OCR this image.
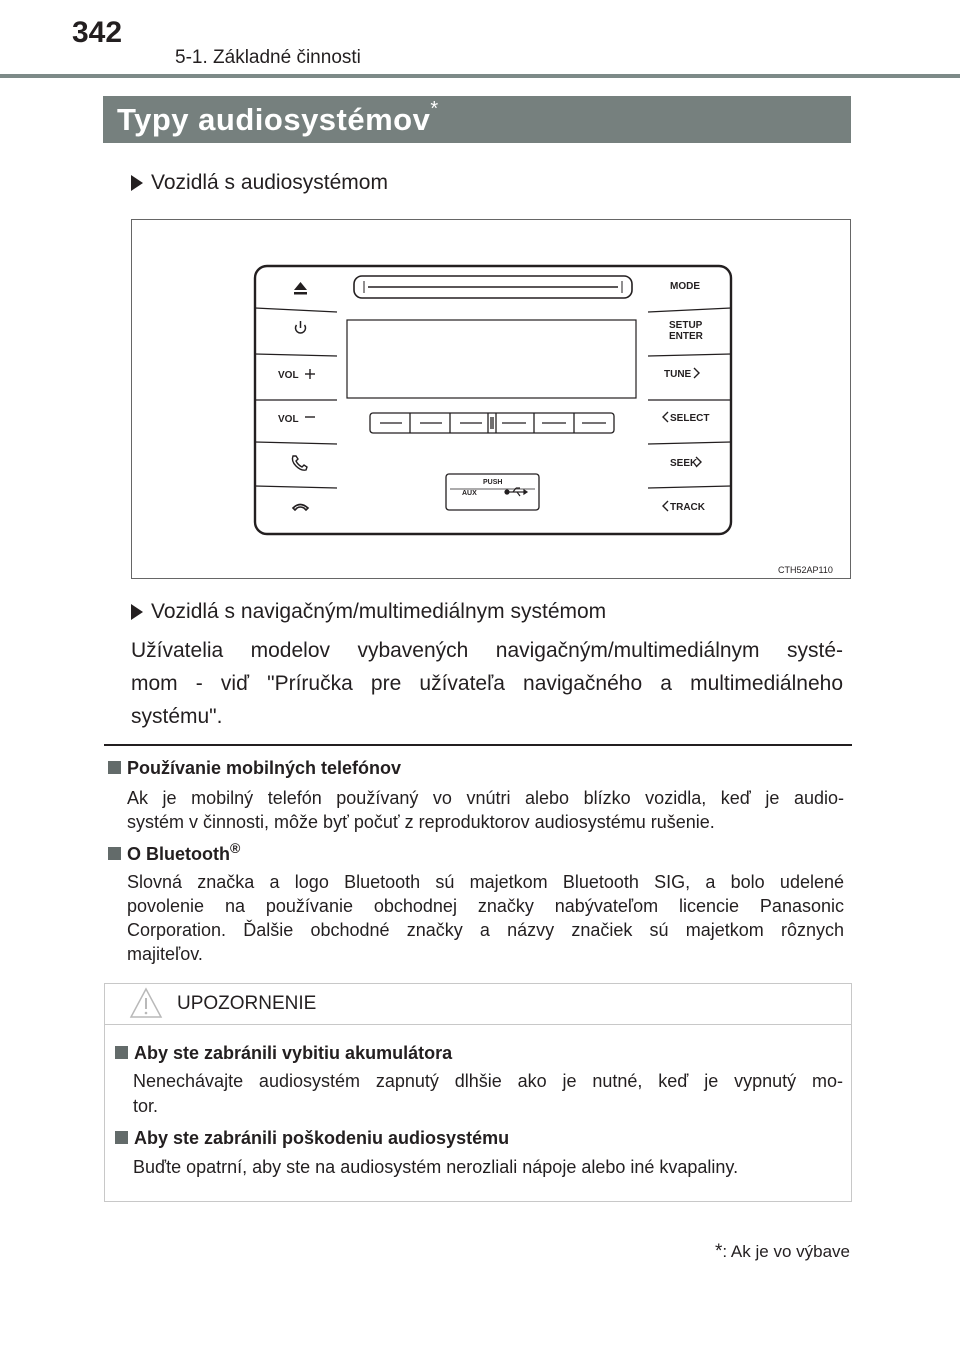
342
5-1. Základné činnosti
Typy audiosystémov*
Vozidlá s audiosystémom
VOL
VOL
MODE
SETUP
ENTER
TUNE
SELECT
SEEK
TRACK
PUSH
AUX
CTH52AP110
Vozidlá s navigačným/multimediálnym systémom
Užívatelia modelov vybavených navigačným/multimediálnym systé-
mom - viď "Príručka pre užívateľa navigačného a multimediálneho
systému".
Používanie mobilných telefónov
Ak je mobilný telefón používaný vo vnútri alebo blízko vozidla, keď je audio-
systém v činnosti, môže byť počuť z reproduktorov audiosystému rušenie.
O Bluetooth®
Slovná značka a logo Bluetooth sú majetkom Bluetooth SIG, a bolo udelené
povolenie na používanie obchodnej značky nabývateľom licencie Panasonic
Corporation. Ďalšie obchodné značky a názvy značiek sú majetkom rôznych
majiteľov.
UPOZORNENIE
Aby ste zabránili vybitiu akumulátora
Nenechávajte audiosystém zapnutý dlhšie ako je nutné, keď je vypnutý mo-
tor.
Aby ste zabránili poškodeniu audiosystému
Buďte opatrní, aby ste na audiosystém nerozliali nápoje alebo iné kvapaliny.
*: Ak je vo výbave
